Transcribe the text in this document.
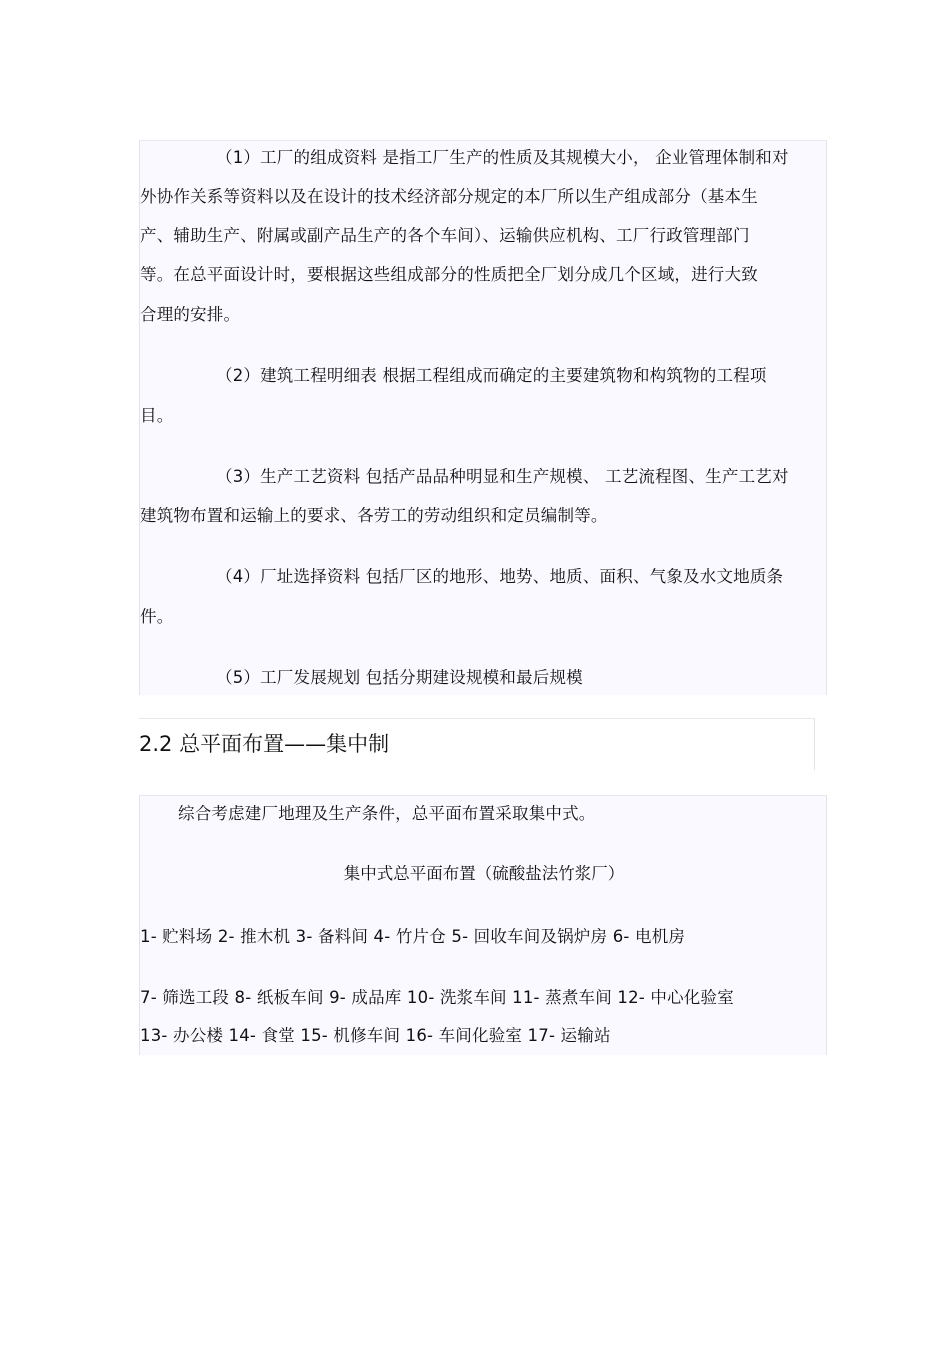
（1）工厂的组成资料 是指工厂生产的性质及其规模大小， 企业管理体制和对
外协作关系等资料以及在设计的技术经济部分规定的本厂所以生产组成部分（基本生
产、辅助生产、附属或副产品生产的各个车间）、运输供应机构、工厂行政管理部门
等。在总平面设计时，要根据这些组成部分的性质把全厂划分成几个区域，进行大致
合理的安排。
（2）建筑工程明细表 根据工程组成而确定的主要建筑物和构筑物的工程项
目。
（3）生产工艺资料 包括产品品种明显和生产规模、 工艺流程图、生产工艺对
建筑物布置和运输上的要求、各劳工的劳动组织和定员编制等。
（4）厂址选择资料 包括厂区的地形、地势、地质、面积、气象及水文地质条
件。
（5）工厂发展规划 包括分期建设规模和最后规模
2.2 总平面布置——集中制
综合考虑建厂地理及生产条件，总平面布置采取集中式。
集中式总平面布置（硫酸盐法竹浆厂）
1- 贮料场 2- 推木机 3- 备料间 4- 竹片仓 5- 回收车间及锅炉房 6- 电机房
7- 筛选工段 8- 纸板车间 9- 成品库 10- 洗浆车间 11- 蒸煮车间 12- 中心化验室
13- 办公楼 14- 食堂 15- 机修车间 16- 车间化验室 17- 运输站
